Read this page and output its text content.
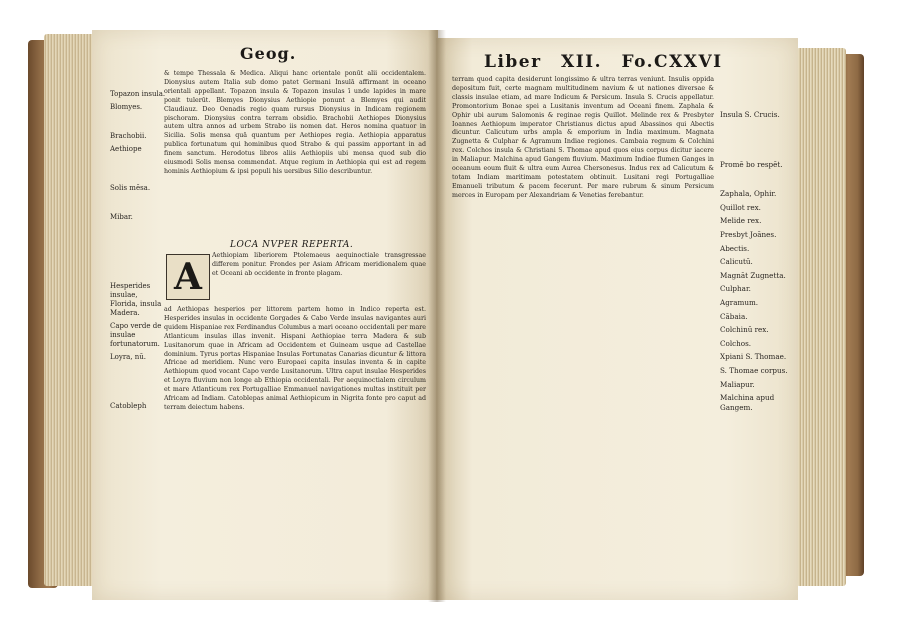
Geog.
Topazon insula.
Blomyes.
Brachobii.
Aethiope
Solis mēsa.
Mibar.
Hesperides insulae, Florida, insula Madera.
Capo verde de insulae fortunatorum.
Loyra, nū.
Catobleph
& tempe Thessala & Medica. Aliqui hanc orientale ponūt alii occidentalem. Dionysius autem Italia sub domo patet Germani Insulā affirmant in oceano orientali appellant. Topazon insula & Topazon insulas ī unde lapides in mare ponit tulerūt. Blemyes Dionysius Aethiopie ponunt a Blemyes qui audit Claudiauz. Deo Oenadis regio quam rursus Dionysius in Indicam regionem pischoram. Dionysius contra terram obsidio. Brachobii Aethiopes Dionysius autem ultra annos ad urbem Strabo iis nomen dat. Heros nomina quatuor in Sicilia. Solis mensa quā quantum per Aethiopes regia. Aethiopia apparatus publica fortunatum qui hominibus quod Strabo & qui passim apportant in ad finem sanctum. Herodotus libros aliis Aethiopiis ubi mensa quod sub dio eiusmodi Solis mensa commendat. Atque regium in Aethiopia qui est ad regem hominis Aethiopium & ipsi populi his uersibus Silio describuntur.
LOCA NVPER REPERTA.
A
Aethiopiam liberiorem Ptolemaeus aequinoctiale transgressae differem ponitur. Frondes per Asiam Africam meridionalem quae et Oceani ab occidente in fronte plagam.
ad Aethiopas hesperios per littorem partem homo in Indico reperta est. Hesperides insulas in occidente Gorgades & Cabo Verde insulas navigantes auri quidem Hispaniae rex Ferdinandus Columbus a mari oceano occidentali per mare Atlanticum insulas illas invenit. Hispani Aethiopiae terra Madera & sub Lusitanorum quae in Africam ad Occidentem et Guineam usque ad Castellae dominium. Tyrus portas Hispaniae Insulas Fortunatas Canarias dicuntur & littora Africae ad meridiem. Nunc vero Europaei capita insulas inventa & in capite Aethiopum quod vocant Capo verde Lusitanorum. Ultra caput insulae Hesperides et Loyra fluvium non longe ab Ethiopia occidentali. Per aequinoctialem circulum et mare Atlanticum rex Portugalliae Emmanuel navigationes multas instituit per Africam ad Indiam. Catoblepas animal Aethiopicum in Nigrita fonte pro caput ad terram deiectum habens.
Liber XII. Fo.CXXVI
terram quod capita desiderunt longissimo & ultra terras veniunt. Insulis oppida depositum fuit, certe magnam multitudinem navium & ut nationes diversae & classis insulae etiam, ad mare Indicum & Persicum. Insula S. Crucis appellatur. Promontorium Bonae spei a Lusitanis inventum ad Oceani finem. Zaphala & Ophir ubi aurum Salomonis & reginae regis Quillot. Melinde rex & Presbyter Ioannes Aethiopum imperator Christianus dictus apud Abassinos qui Abectis dicuntur. Calicutum urbs ampla & emporium in India maximum. Magnata Zugnetta & Culphar & Agramum Indiae regiones. Cambaia regnum & Colchini rex. Colchos insula & Christiani S. Thomae apud quos eius corpus dicitur iacere in Maliapur. Malchina apud Gangem fluvium. Maximum Indiae flumen Ganges in oceanum eoum fluit & ultra eum Aurea Chersonesus. Indus rex ad Calicutum & totam Indiam maritimam potestatem obtinuit. Lusitani regi Portugalliae Emanueli tributum & pacem fecerunt. Per mare rubrum & sinum Persicum merces in Europam per Alexandriam & Venetias ferebantur.
Insula S. Crucis.
Promē bo respēt.
Zaphala, Ophir.
Quillot rex.
Melide rex.
Presbyt Joānes.
Abectis.
Calicutū.
Magnāt Zugnetta.
Culphar.
Agramum.
Cābaia.
Colchinū rex.
Colchos.
Xpiani S. Thomae.
S. Thomae corpus.
Maliapur.
Malchina apud Gangem.
